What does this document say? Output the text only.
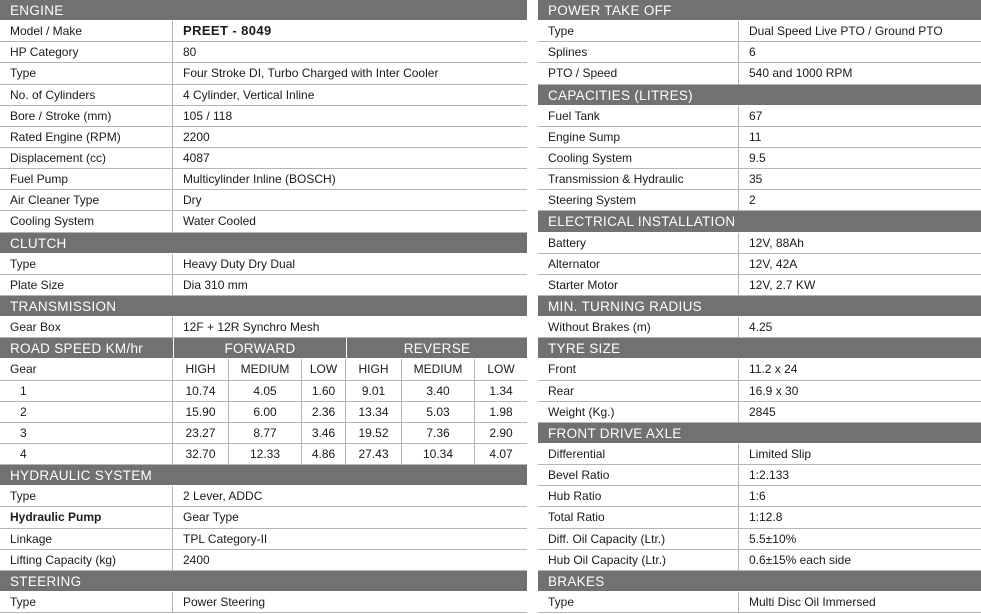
ENGINE
Model / Make	PREET - 8049
HP Category	80
Type	Four Stroke DI, Turbo Charged with Inter Cooler
No. of Cylinders	4 Cylinder, Vertical Inline
Bore / Stroke (mm)	105 / 118
Rated Engine (RPM)	2200
Displacement (cc)	4087
Fuel Pump	Multicylinder Inline (BOSCH)
Air Cleaner Type	Dry
Cooling System	Water Cooled
CLUTCH
Type	Heavy Duty Dry Dual
Plate Size	Dia 310 mm
TRANSMISSION
Gear Box	12F + 12R Synchro Mesh
ROAD SPEED KM/hr	FORWARD	REVERSE
Gear	HIGH	MEDIUM	LOW	HIGH	MEDIUM	LOW
1	10.74	4.05	1.60	9.01	3.40	1.34
2	15.90	6.00	2.36	13.34	5.03	1.98
3	23.27	8.77	3.46	19.52	7.36	2.90
4	32.70	12.33	4.86	27.43	10.34	4.07
HYDRAULIC SYSTEM
Type	2 Lever, ADDC
Hydraulic Pump	Gear Type
Linkage	TPL Category-II
Lifting Capacity (kg)	2400
STEERING
Type	Power Steering
POWER TAKE OFF
Type	Dual Speed Live PTO / Ground PTO
Splines	6
PTO / Speed	540 and 1000 RPM
CAPACITIES (LITRES)
Fuel Tank	67
Engine Sump	11
Cooling System	9.5
Transmission & Hydraulic	35
Steering System	2
ELECTRICAL INSTALLATION
Battery	12V, 88Ah
Alternator	12V, 42A
Starter Motor	12V, 2.7 KW
MIN. TURNING RADIUS
Without Brakes (m)	4.25
TYRE SIZE
Front	11.2 x 24
Rear	16.9 x 30
Weight (Kg.)	2845
FRONT DRIVE AXLE
Differential	Limited Slip
Bevel Ratio	1:2.133
Hub Ratio	1:6
Total Ratio	1:12.8
Diff. Oil Capacity (Ltr.)	5.5±10%
Hub Oil Capacity (Ltr.)	0.6±15% each side
BRAKES
Type	Multi Disc Oil Immersed
